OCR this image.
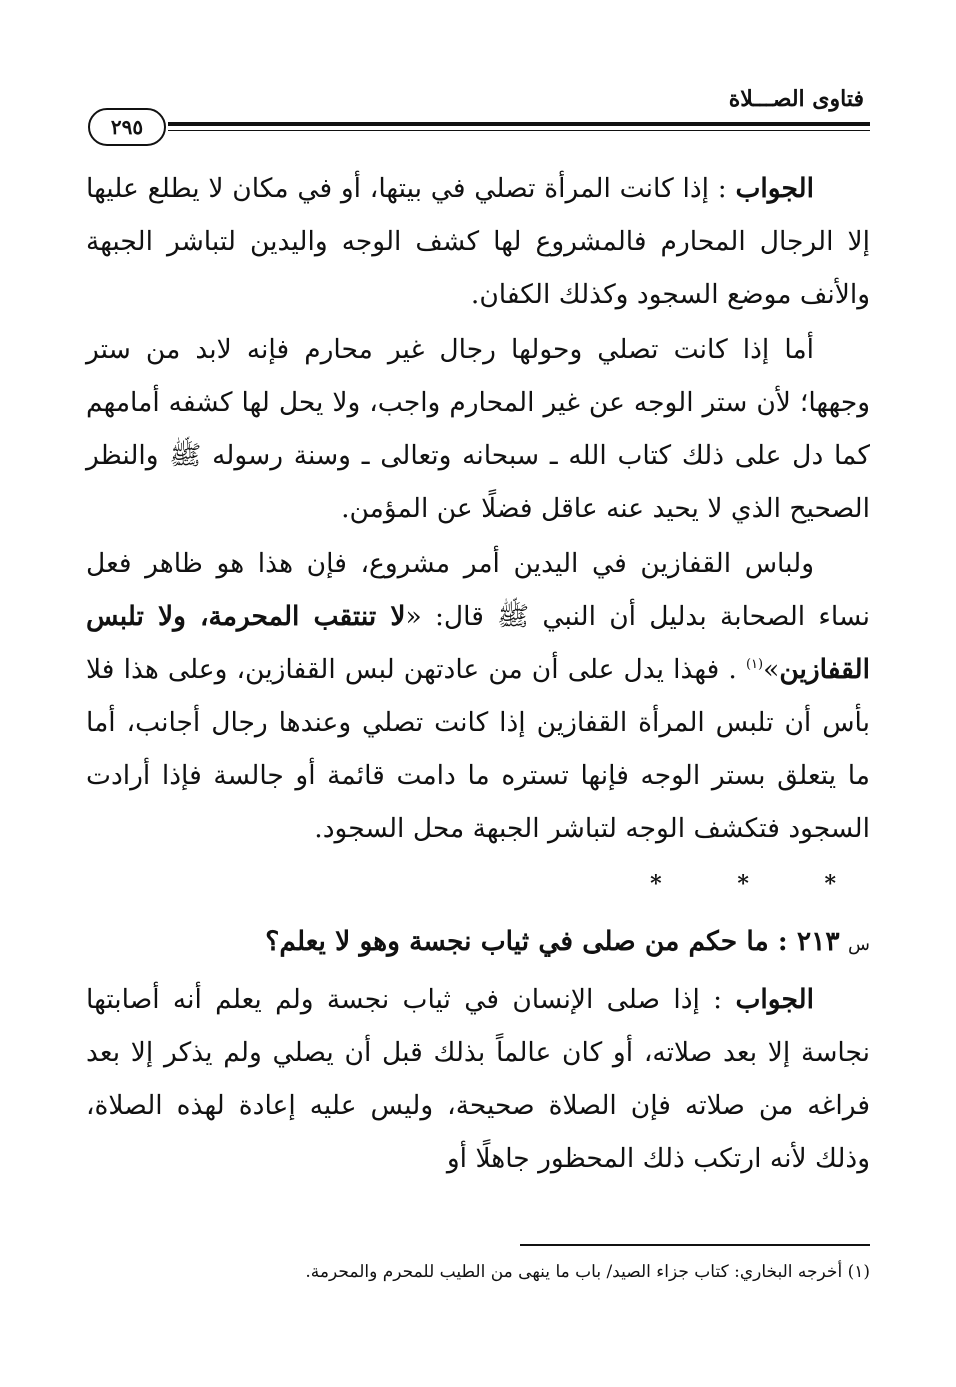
فتاوى الصـــلاة
٢٩٥

الجواب : إذا كانت المرأة تصلي في بيتها، أو في مكان لا يطلع عليها إلا الرجال المحارم فالمشروع لها كشف الوجه واليدين لتباشر الجبهة والأنف موضع السجود وكذلك الكفان.

أما إذا كانت تصلي وحولها رجال غير محارم فإنه لابد من ستر وجهها؛ لأن ستر الوجه عن غير المحارم واجب، ولا يحل لها كشفه أمامهم كما دل على ذلك كتاب الله ـ سبحانه وتعالى ـ وسنة رسوله ﷺ والنظر الصحيح الذي لا يحيد عنه عاقل فضلًا عن المؤمن.

ولباس القفازين في اليدين أمر مشروع، فإن هذا هو ظاهر فعل نساء الصحابة بدليل أن النبي ﷺ قال: «لا تنتقب المحرمة، ولا تلبس القفازين»$^{(١)}$ . فهذا يدل على أن من عادتهن لبس القفازين، وعلى هذا فلا بأس أن تلبس المرأة القفازين إذا كانت تصلي وعندها رجال أجانب، أما ما يتعلق بستر الوجه فإنها تستره ما دامت قائمة أو جالسة فإذا أرادت السجود فتكشف الوجه لتباشر الجبهة محل السجود.

* * *

س ٢١٣ : ما حكم من صلى في ثياب نجسة وهو لا يعلم؟

الجواب : إذا صلى الإنسان في ثياب نجسة ولم يعلم أنه أصابتها نجاسة إلا بعد صلاته، أو كان عالماً بذلك قبل أن يصلي ولم يذكر إلا بعد فراغه من صلاته فإن الصلاة صحيحة، وليس عليه إعادة لهذه الصلاة، وذلك لأنه ارتكب ذلك المحظور جاهلًا أو

(١) أخرجه البخاري: كتاب جزاء الصيد/ باب ما ينهى من الطيب للمحرم والمحرمة.
